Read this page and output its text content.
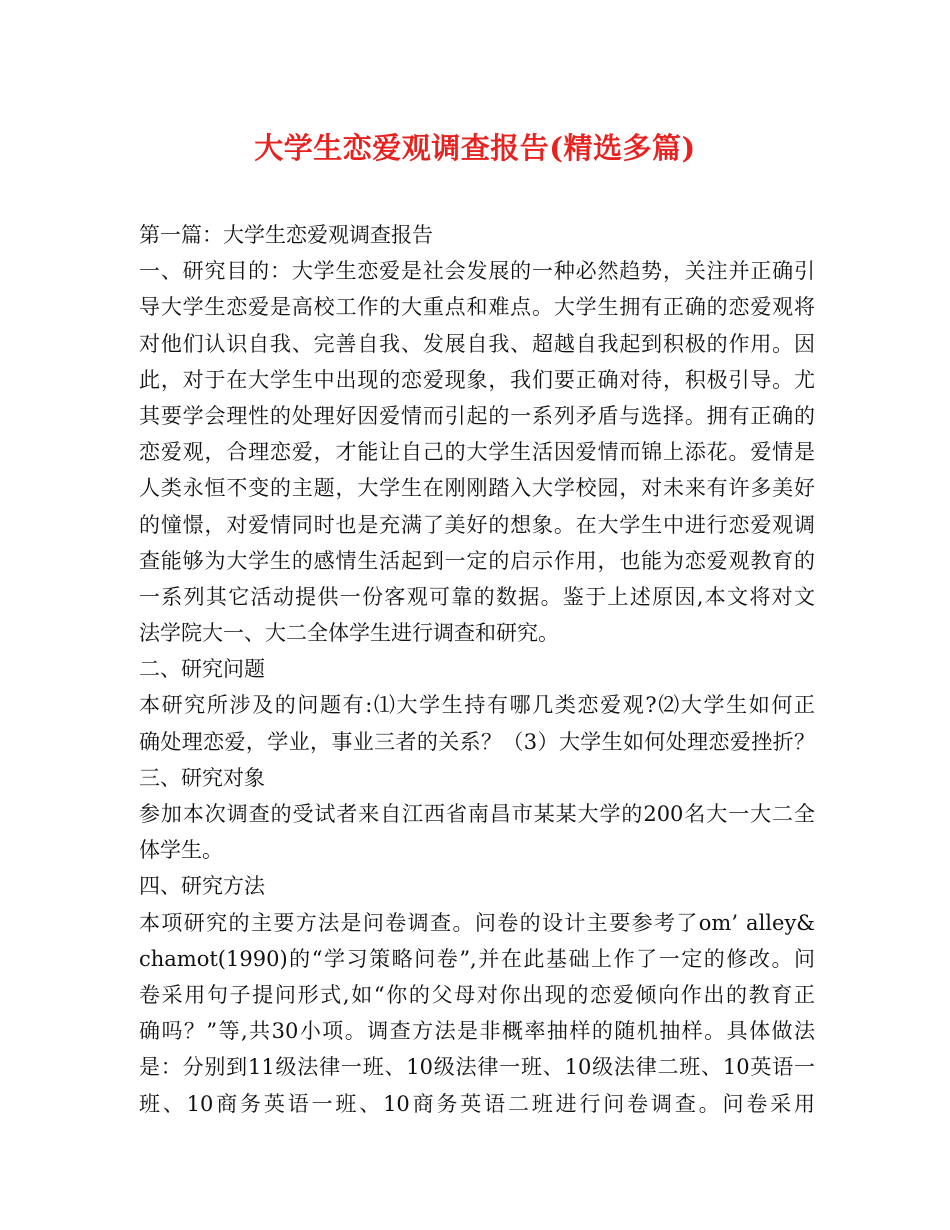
大学生恋爱观调查报告(精选多篇)
第一篇：大学生恋爱观调查报告
一、研究目的：大学生恋爱是社会发展的一种必然趋势，关注并正确引
导大学生恋爱是高校工作的大重点和难点。大学生拥有正确的恋爱观将
对他们认识自我、完善自我、发展自我、超越自我起到积极的作用。因
此，对于在大学生中出现的恋爱现象，我们要正确对待，积极引导。尤
其要学会理性的处理好因爱情而引起的一系列矛盾与选择。拥有正确的
恋爱观，合理恋爱，才能让自己的大学生活因爱情而锦上添花。爱情是
人类永恒不变的主题，大学生在刚刚踏入大学校园，对未来有许多美好
的憧憬，对爱情同时也是充满了美好的想象。在大学生中进行恋爱观调
查能够为大学生的感情生活起到一定的启示作用，也能为恋爱观教育的
一系列其它活动提供一份客观可靠的数据。鉴于上述原因,本文将对文
法学院大一、大二全体学生进行调查和研究。
二、研究问题
本研究所涉及的问题有:⑴大学生持有哪几类恋爱观?⑵大学生如何正
确处理恋爱，学业，事业三者的关系？（3）大学生如何处理恋爱挫折？
三、研究对象
参加本次调查的受试者来自江西省南昌市某某大学的200名大一大二全
体学生。
四、研究方法
本项研究的主要方法是问卷调查。问卷的设计主要参考了om’ alley&
chamot(1990)的“学习策略问卷”,并在此基础上作了一定的修改。问
卷采用句子提问形式,如“你的父母对你出现的恋爱倾向作出的教育正
确吗？”等,共30小项。调查方法是非概率抽样的随机抽样。具体做法
是：分别到11级法律一班、10级法律一班、10级法律二班、10英语一
班、10商务英语一班、10商务英语二班进行问卷调查。问卷采用
